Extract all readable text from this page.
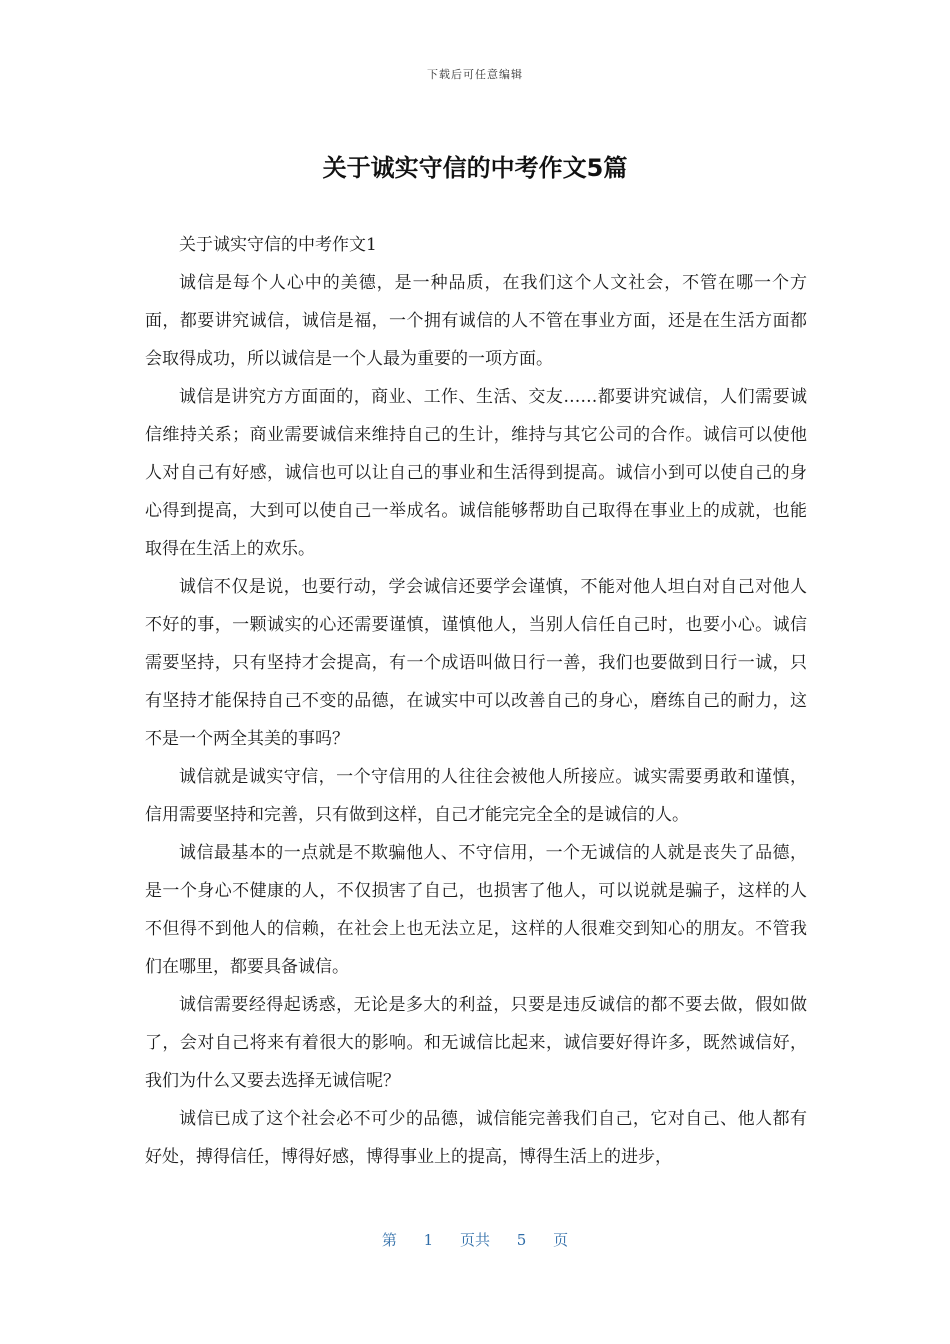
下载后可任意编辑
关于诚实守信的中考作文5篇

关于诚实守信的中考作文1

诚信是每个人心中的美德，是一种品质，在我们这个人文社会，不管在哪一个方面，都要讲究诚信，诚信是福，一个拥有诚信的人不管在事业方面，还是在生活方面都会取得成功，所以诚信是一个人最为重要的一项方面。

诚信是讲究方方面面的，商业、工作、生活、交友……都要讲究诚信，人们需要诚信维持关系；商业需要诚信来维持自己的生计，维持与其它公司的合作。诚信可以使他人对自己有好感，诚信也可以让自己的事业和生活得到提高。诚信小到可以使自己的身心得到提高，大到可以使自己一举成名。诚信能够帮助自己取得在事业上的成就，也能取得在生活上的欢乐。

诚信不仅是说，也要行动，学会诚信还要学会谨慎，不能对他人坦白对自己对他人不好的事，一颗诚实的心还需要谨慎，谨慎他人，当别人信任自己时，也要小心。诚信需要坚持，只有坚持才会提高，有一个成语叫做日行一善，我们也要做到日行一诚，只有坚持才能保持自己不变的品德，在诚实中可以改善自己的身心，磨练自己的耐力，这不是一个两全其美的事吗？

诚信就是诚实守信，一个守信用的人往往会被他人所接应。诚实需要勇敢和谨慎，信用需要坚持和完善，只有做到这样，自己才能完完全全的是诚信的人。

诚信最基本的一点就是不欺骗他人、不守信用，一个无诚信的人就是丧失了品德，是一个身心不健康的人，不仅损害了自己，也损害了他人，可以说就是骗子，这样的人不但得不到他人的信赖，在社会上也无法立足，这样的人很难交到知心的朋友。不管我们在哪里，都要具备诚信。

诚信需要经得起诱惑，无论是多大的利益，只要是违反诚信的都不要去做，假如做了，会对自己将来有着很大的影响。和无诚信比起来，诚信要好得许多，既然诚信好，我们为什么又要去选择无诚信呢？

诚信已成了这个社会必不可少的品德，诚信能完善我们自己，它对自己、他人都有好处，搏得信任，博得好感，博得事业上的提高，博得生活上的进步，

第 1 页共 5 页
